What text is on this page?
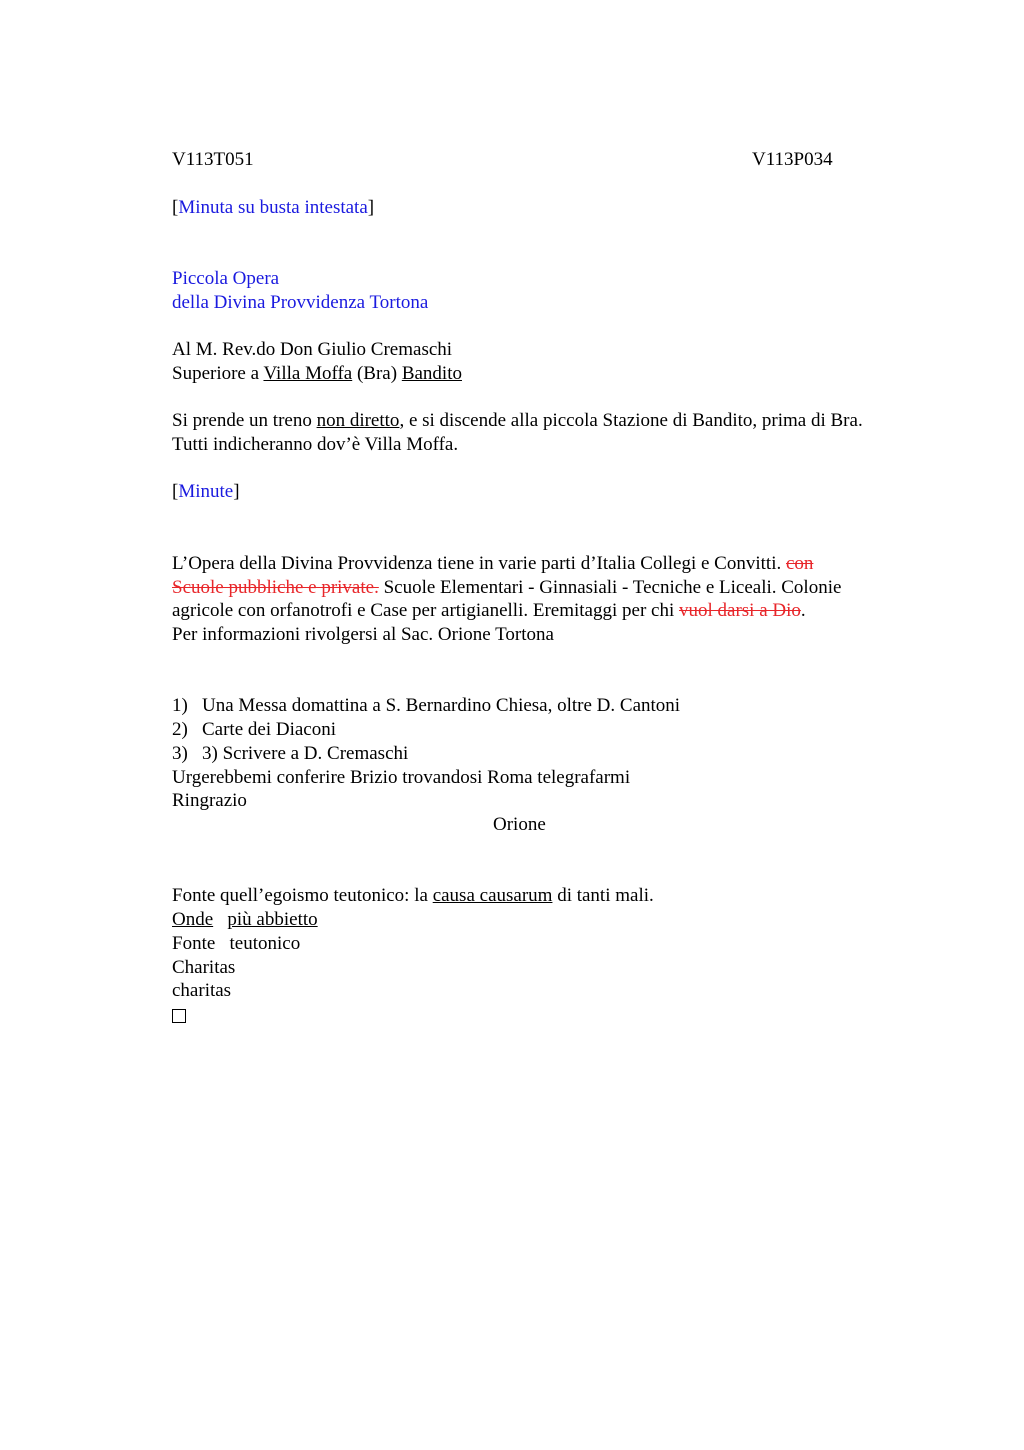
V113T051	V113P034
[Minuta su busta intestata]
Piccola Opera
della Divina Provvidenza Tortona
Al M. Rev.do Don Giulio Cremaschi
Superiore a Villa Moffa (Bra) Bandito
Si prende un treno non diretto, e si discende alla piccola Stazione di Bandito, prima di Bra.
Tutti indicheranno dov’è Villa Moffa.
[Minute]
L’Opera della Divina Provvidenza tiene in varie parti d’Italia Collegi e Convitti. con
Scuole pubbliche e private. Scuole Elementari - Ginnasiali - Tecniche e Liceali. Colonie
agricole con orfanotrofi e Case per artigianelli. Eremitaggi per chi vuol darsi a Dio.
Per informazioni rivolgersi al Sac. Orione Tortona
1) Una Messa domattina a S. Bernardino Chiesa, oltre D. Cantoni
2) Carte dei Diaconi
3) 3) Scrivere a D. Cremaschi
Urgerebbemi conferire Brizio trovandosi Roma telegrafarmi
Ringrazio
Orione
Fonte quell’egoismo teutonico: la causa causarum di tanti mali.
Onde più abbietto
Fonte   teutonico
Charitas
charitas
